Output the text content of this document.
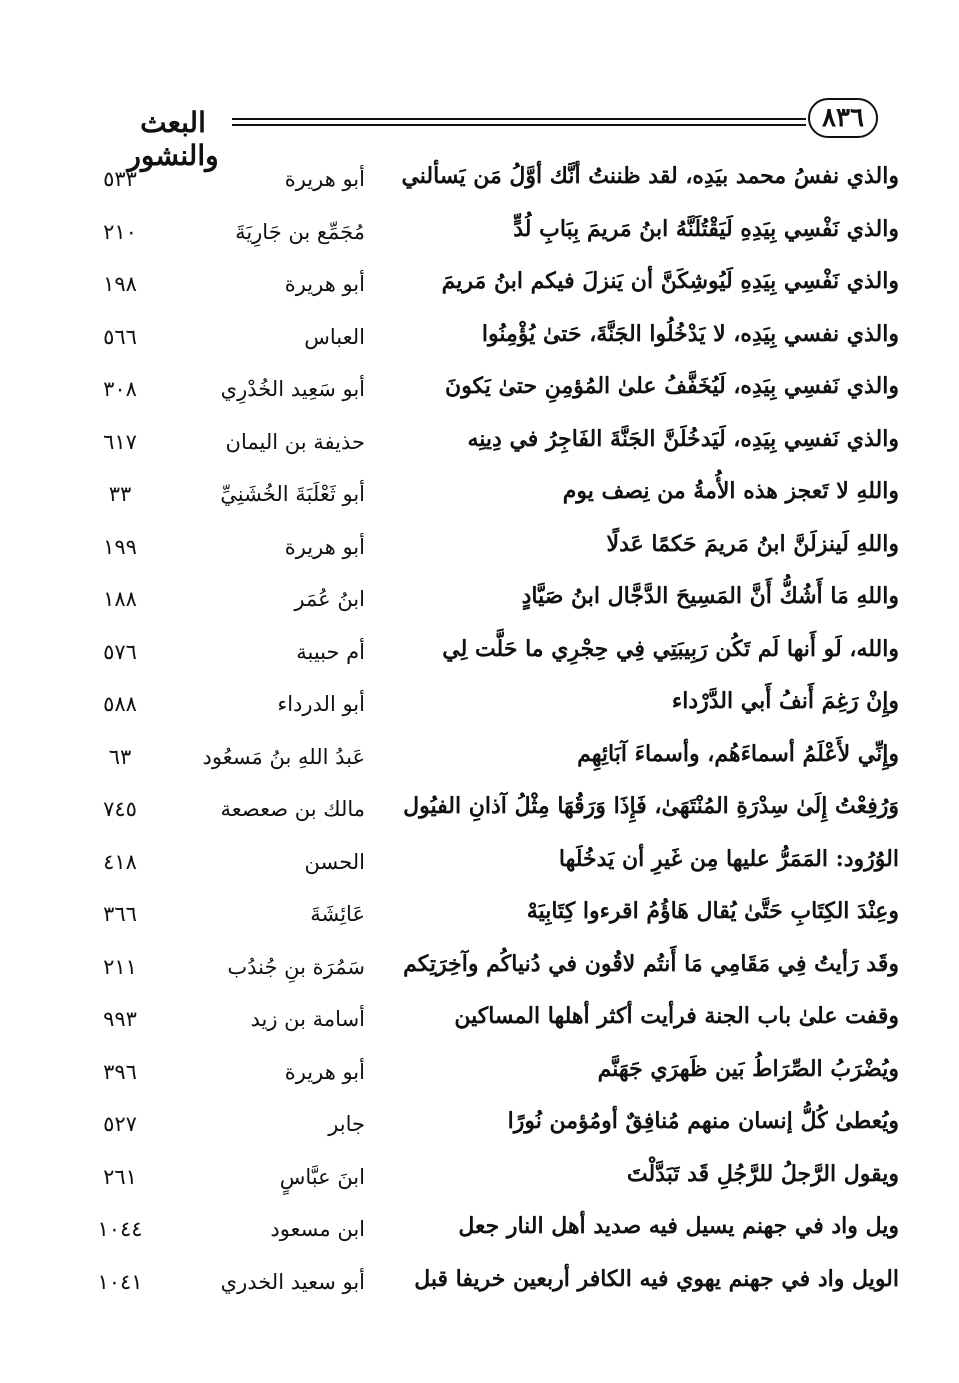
٨٣٦
البعث والنشور
والذي نفسُ محمد بيَدِه، لقد ظننتُ أنَّك أوَّلُ مَن يَسألني
أبو هريرة
٥٣٣
والذي نَفْسِي بِيَدِهِ لَيَقْتُلَنَّهُ ابنُ مَريمَ بِبَابِ لُدٍّ
مُجَمِّع بن جَارِيَةَ
٢١٠
والذي نَفْسِي بِيَدِهِ لَيُوشِكَنَّ أن يَنزلَ فيكم ابنُ مَريمَ
أبو هريرة
١٩٨
والذي نفسي بِيَدِه، لا يَدْخُلُوا الجَنَّةَ، حَتىٰ يُؤْمِنُوا
العباس
٥٦٦
والذي نَفسِي بِيَدِه، لَيُخَفَّفُ علىٰ المُؤمِنِ حتىٰ يَكونَ
أبو سَعِيد الخُدْرِي
٣٠٨
والذي نَفسِي بِيَدِه، لَيَدخُلَنَّ الجَنَّةَ الفَاجِرُ في دِينِه
حذيفة بن اليمان
٦١٧
واللهِ لا تَعجز هذه الأُمةُ من نِصف يوم
أبو ثَعْلَبَةَ الخُشَنِيِّ
٣٣
واللهِ لَينزلَنَّ ابنُ مَريمَ حَكمًا عَدلًا
أبو هريرة
١٩٩
واللهِ مَا أَشُكُّ أَنَّ المَسِيحَ الدَّجَّال ابنُ صَيَّادٍ
ابنُ عُمَر
١٨٨
والله، لَو أَنها لَم تَكُن رَبِيبَتِي فِي حِجْرِي ما حَلَّت لِي
أم حبيبة
٥٧٦
وإِنْ رَغِمَ أَنفُ أَبي الدَّرْداء
أبو الدرداء
٥٨٨
وإِنِّي لأَعْلَمُ أسماءَهُم، وأسماءَ آبَائِهِم
عَبدُ اللهِ بنُ مَسعُود
٦٣
وَرُفِعْتُ إِلَىٰ سِدْرَةِ المُنْتَهَىٰ، فَإِذَا وَرَقُهَا مِثْلُ آذانِ الفيُول
مالك بن صعصعة
٧٤٥
الوُرُود: المَمَرُّ عليها مِن غَيرِ أن يَدخُلَها
الحسن
٤١٨
وعِنْدَ الكِتَابِ حَتَّىٰ يُقال هَاؤُمُ اقرءوا كِتَابِيَهْ
عَائِشَةَ
٣٦٦
وقَد رَأيتُ فِي مَقَامِي مَا أَنتُم لاقُون في دُنياكُم وآخِرَتِكم
سَمُرَة بنِ جُندُب
٢١١
وقفت علىٰ باب الجنة فرأيت أكثر أهلها المساكين
أسامة بن زيد
٩٩٣
ويُضْرَبُ الصِّرَاطُ بَين ظَهرَي جَهَنَّم
أبو هريرة
٣٩٦
ويُعطىٰ كُلُّ إنسان منهم مُنافِقٌ أومُؤمن نُورًا
جابر
٥٢٧
ويقول الرَّجلُ للرَّجُلِ قَد تَبَدَّلْتَ
ابنَ عبَّاسٍ
٢٦١
ويل واد في جهنم يسيل فيه صديد أهل النار جعل
ابن مسعود
١٠٤٤
الويل واد في جهنم يهوي فيه الكافر أربعين خريفا قبل
أبو سعيد الخدري
١٠٤١
